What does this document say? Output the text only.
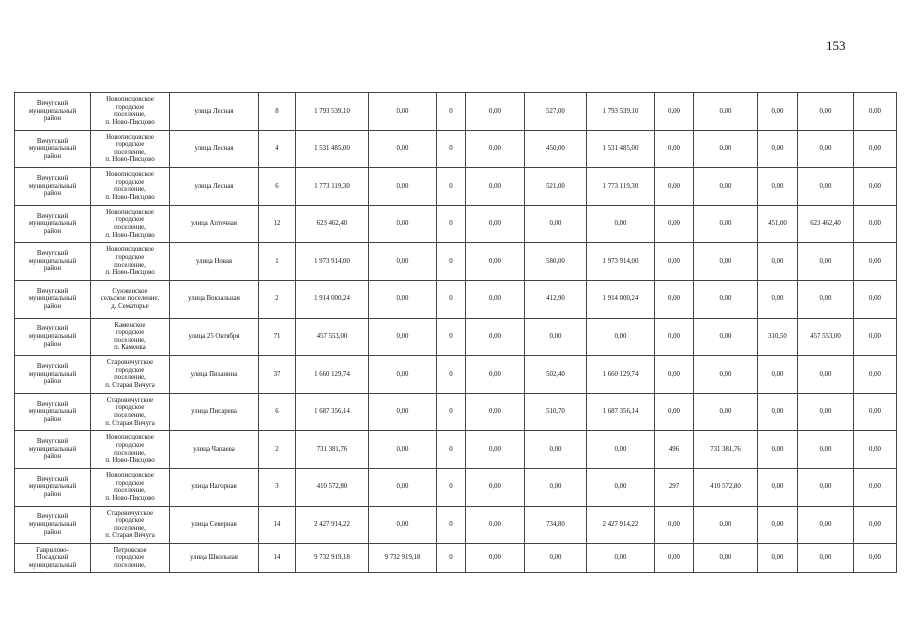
153
Вичугский
муниципальный
район	Новописцовское
городское
поселение,
п. Ново-Писцово	улица Лесная	8	1 793 539,10	0,00	0	0,00	527,00	1 793 539,10	0,00	0,00	0,00	0,00	0,00
Вичугский
муниципальный
район	Новописцовское
городское
поселение,
п. Ново-Писцово	улица Лесная	4	1 531 485,00	0,00	0	0,00	450,00	1 531 485,00	0,00	0,00	0,00	0,00	0,00
Вичугский
муниципальный
район	Новописцовское
городское
поселение,
п. Ново-Писцово	улица Лесная	6	1 773 119,30	0,00	0	0,00	521,00	1 773 119,30	0,00	0,00	0,00	0,00	0,00
Вичугский
муниципальный
район	Новописцовское
городское
поселение,
п. Ново-Писцово	улица Аптечная	12	623 462,40	0,00	0	0,00	0,00	0,00	0,00	0,00	451,00	623 462,40	0,00
Вичугский
муниципальный
район	Новописцовское
городское
поселение,
п. Ново-Писцово	улица Новая	1	1 973 914,00	0,00	0	0,00	580,00	1 973 914,00	0,00	0,00	0,00	0,00	0,00
Вичугский
муниципальный
район	Сунженское
сельское поселение,
д. Сематорье	улица Вокзальная	2	1 914 000,24	0,00	0	0,00	412,90	1 914 000,24	0,00	0,00	0,00	0,00	0,00
Вичугский
муниципальный
район	Каменское
городское
поселение,
п. Каменка	улица 25 Октября	71	457 553,00	0,00	0	0,00	0,00	0,00	0,00	0,00	310,50	457 553,00	0,00
Вичугский
муниципальный
район	Старовичугское
городское
поселение,
п. Старая Вичуга	улица Пизанина	37	1 660 129,74	0,00	0	0,00	502,40	1 660 129,74	0,00	0,00	0,00	0,00	0,00
Вичугский
муниципальный
район	Старовичугское
городское
поселение,
п. Старая Вичуга	улица Писарева	6	1 687 356,14	0,00	0	0,00	510,70	1 687 356,14	0,00	0,00	0,00	0,00	0,00
Вичугский
муниципальный
район	Новописцовское
городское
поселение,
п. Ново-Писцово	улица Чапаева	2	731 381,76	0,00	0	0,00	0,00	0,00	496	731 381,76	0,00	0,00	0,00
Вичугский
муниципальный
район	Новописцовское
городское
поселение,
п. Ново-Писцово	улица Нагорная	3	410 572,80	0,00	0	0,00	0,00	0,00	297	410 572,80	0,00	0,00	0,00
Вичугский
муниципальный
район	Старовичугское
городское
поселение,
п. Старая Вичуга	улица Северная	14	2 427 914,22	0,00	0	0,00	734,80	2 427 914,22	0,00	0,00	0,00	0,00	0,00
Гаврилово-
Посадский
муниципальный	Петровское
городское
поселение,	улица Школьная	14	9 732 919,18	9 732 919,18	0	0,00	0,00	0,00	0,00	0,00	0,00	0,00	0,00
